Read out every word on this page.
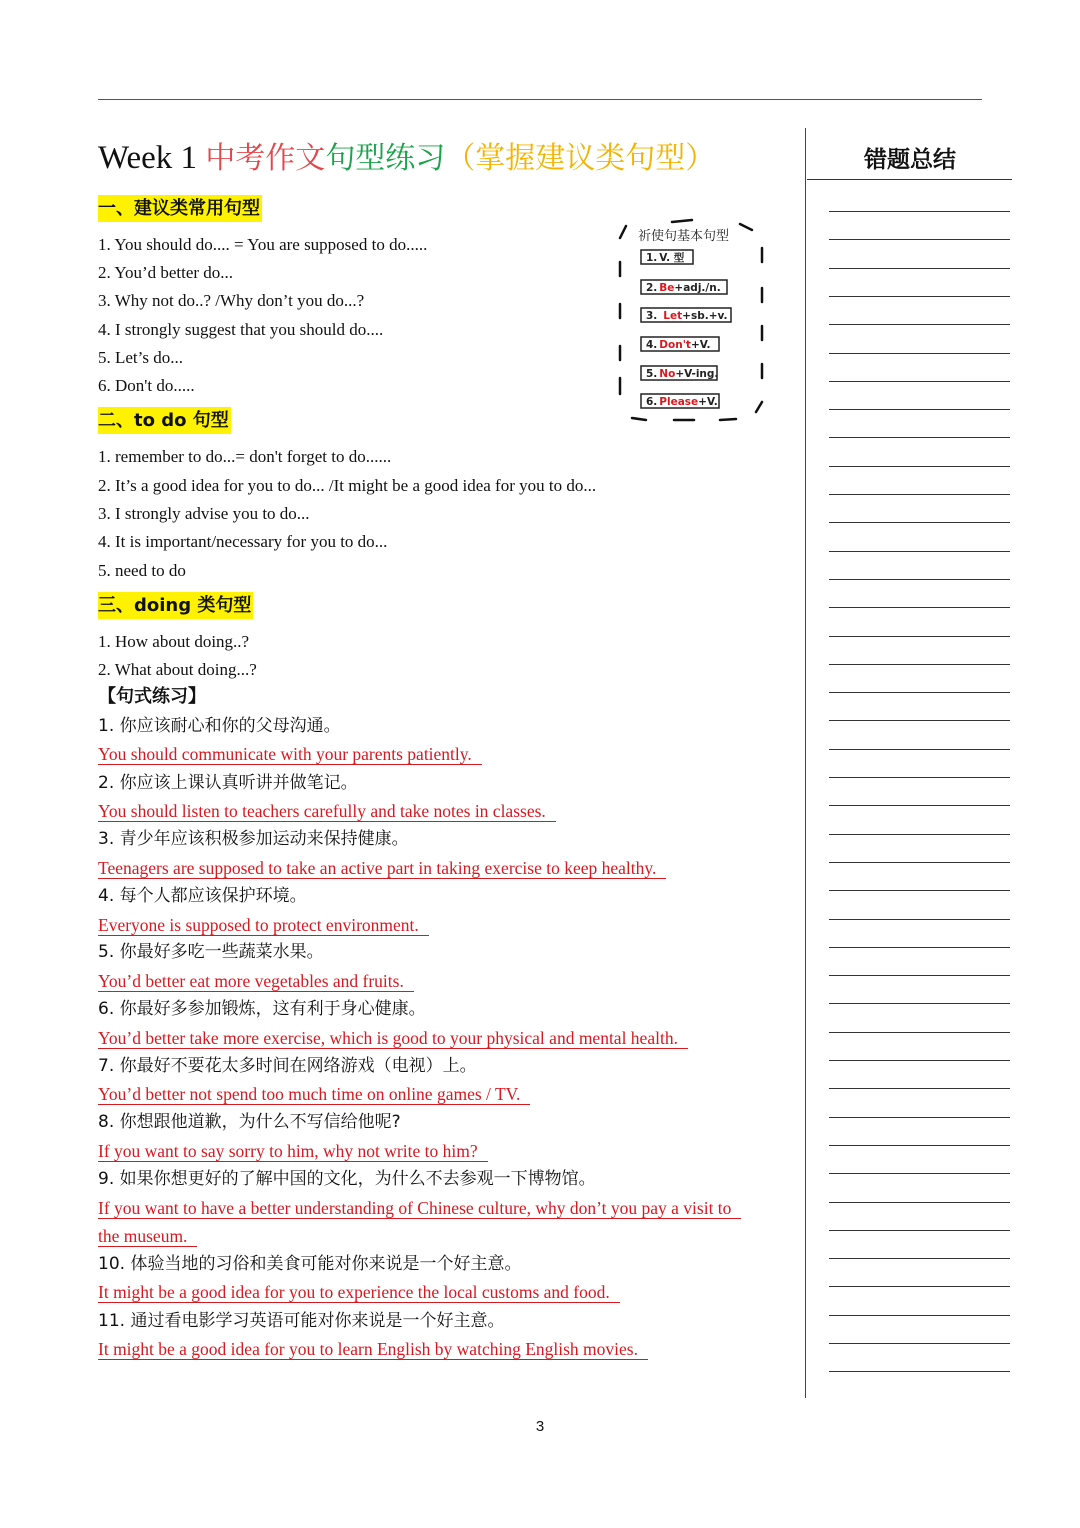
Week 1 中考作文句型练习（掌握建议类句型）
一、建议类常用句型
1. You should do.... = You are supposed to do.....
2. You’d better do...
3. Why not do..? /Why don’t you do...?
4. I strongly suggest that you should do....
5. Let’s do...
6. Don't do.....
二、to do 句型
1. remember to do...= don't forget to do......
2. It’s a good idea for you to do... /It might be a good idea for you to do...
3. I strongly advise you to do...
4. It is important/necessary for you to do...
5. need to do
三、doing 类句型
1. How about doing..?
2. What about doing...?
【句式练习】
1. 你应该耐心和你的父母沟通。
You should communicate with your parents patiently.
2. 你应该上课认真听讲并做笔记。
You should listen to teachers carefully and take notes in classes.
3. 青少年应该积极参加运动来保持健康。
Teenagers are supposed to take an active part in taking exercise to keep healthy.
4. 每个人都应该保护环境。
Everyone is supposed to protect environment.
5. 你最好多吃一些蔬菜水果。
You’d better eat more vegetables and fruits.
6. 你最好多参加锻炼，这有利于身心健康。
You’d better take more exercise, which is good to your physical and mental health.
7. 你最好不要花太多时间在网络游戏（电视）上。
You’d better not spend too much time on online games / TV.
8. 你想跟他道歉，为什么不写信给他呢?
If you want to say sorry to him, why not write to him?
9. 如果你想更好的了解中国的文化，为什么不去参观一下博物馆。
If you want to have a better understanding of Chinese culture, why don’t you pay a visit to
the museum.
10. 体验当地的习俗和美食可能对你来说是一个好主意。
It might be a good idea for you to experience the local customs and food.
11. 通过看电影学习英语可能对你来说是一个好主意。
It might be a good idea for you to learn English by watching English movies.
祈使句基本句型
1. V. 型
2. Be+adj./n.
3. Let+sb.+v.
4. Don't+V.
5. No+V-ing.
6. Please+V.
错题总结
3
